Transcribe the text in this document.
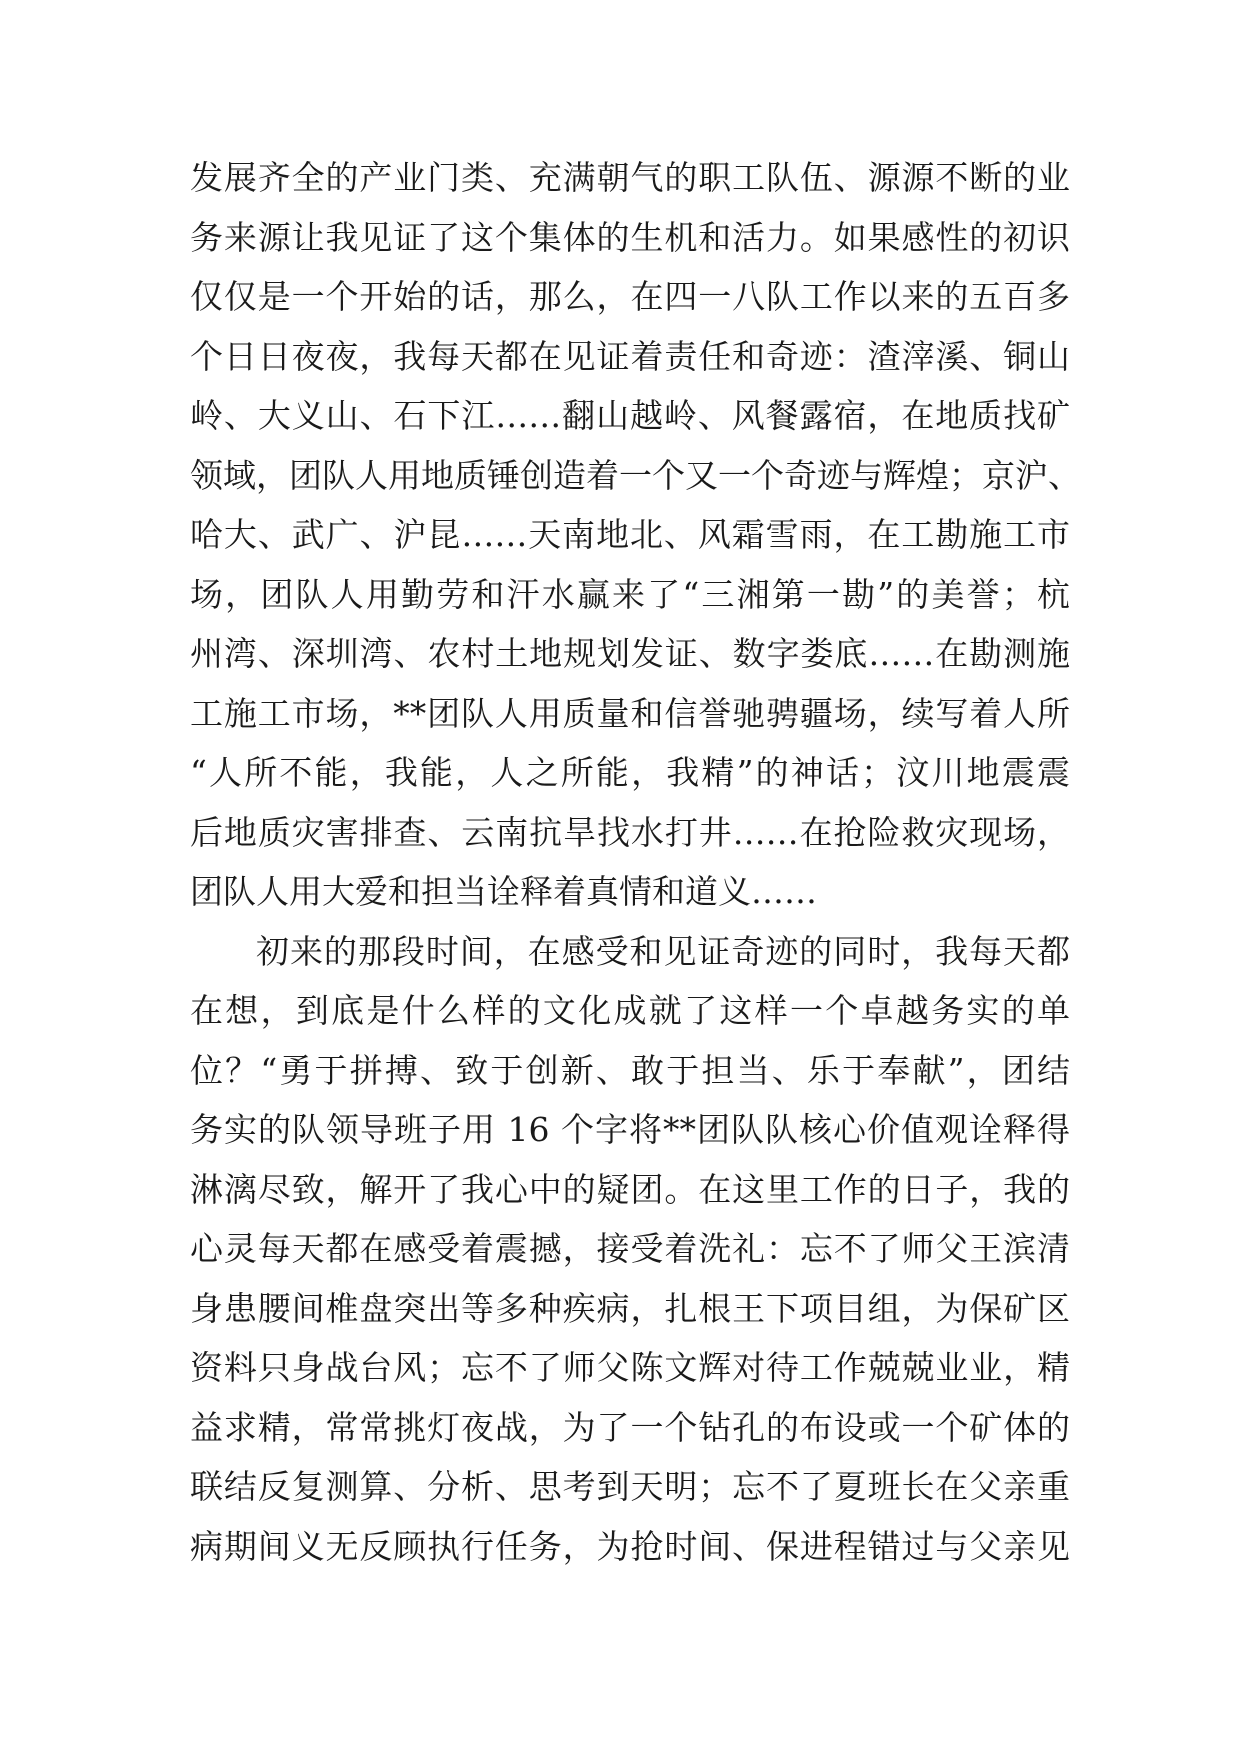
发展齐全的产业门类、充满朝气的职工队伍、源源不断的业
务来源让我见证了这个集体的生机和活力。如果感性的初识
仅仅是一个开始的话，那么，在四一八队工作以来的五百多
个日日夜夜，我每天都在见证着责任和奇迹：渣滓溪、铜山
岭、大义山、石下江……翻山越岭、风餐露宿，在地质找矿
领域，团队人用地质锤创造着一个又一个奇迹与辉煌；京沪、
哈大、武广、沪昆……天南地北、风霜雪雨，在工勘施工市
场，团队人用勤劳和汗水赢来了“三湘第一勘”的美誉；杭
州湾、深圳湾、农村土地规划发证、数字娄底……在勘测施
工施工市场，**团队人用质量和信誉驰骋疆场，续写着人所
“人所不能，我能，人之所能，我精”的神话；汶川地震震
后地质灾害排查、云南抗旱找水打井……在抢险救灾现场，
团队人用大爱和担当诠释着真情和道义……
初来的那段时间，在感受和见证奇迹的同时，我每天都
在想，到底是什么样的文化成就了这样一个卓越务实的单
位？“勇于拼搏、致于创新、敢于担当、乐于奉献”，团结
务实的队领导班子用 16 个字将**团队队核心价值观诠释得
淋漓尽致，解开了我心中的疑团。在这里工作的日子，我的
心灵每天都在感受着震撼，接受着洗礼：忘不了师父王滨清
身患腰间椎盘突出等多种疾病，扎根王下项目组，为保矿区
资料只身战台风；忘不了师父陈文辉对待工作兢兢业业，精
益求精，常常挑灯夜战，为了一个钻孔的布设或一个矿体的
联结反复测算、分析、思考到天明；忘不了夏班长在父亲重
病期间义无反顾执行任务，为抢时间、保进程错过与父亲见
